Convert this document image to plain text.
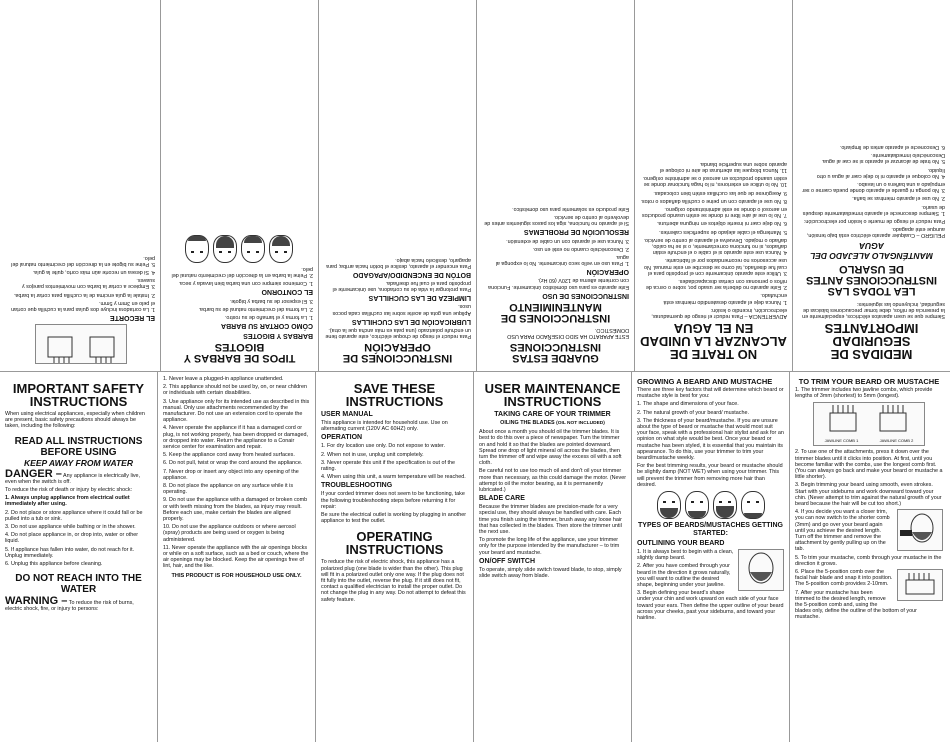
MEDIDAS DE SEGURIDAD IMPORTANTES

Siempre que se usen aparatos eléctricos, especialmente en la presencia de niños, debe tomar precauciones básicas de seguridad, incluyendo las siguientes:

LEA TODAS LAS INSTRUCCIONES ANTES DE USARLO
MANTÉNGALO ALEJADO DEL AGUA

PELIGRO – Cualquier aparato eléctrico está bajo tensión, aunque esté apagado.

Para reducir el riesgo de muerte o lesión por electrocución:

1. Siempre desconecte el aparato inmediatamente después de usarlo.

2. No use el aparato mientras se baña.

3. No ponga ni guarde el aparato donde pueda caerse o ser empujado a una bañera o un lavabo.

4. No coloque el aparato ni lo deje caer al agua u otro líquido.

5. No trate de alcanzar el aparato si se cae al agua. Desconéctelo inmediatamente.

6. Desconecte el aparato antes de limpiarlo.

NO TRATE DE ALCANZAR LA UNIDAD EN EL AGUA

ADVERTENCIA – Para reducir el riesgo de quemaduras, electrocución, incendio o lesión:

1. Nunca deje el aparato desatendido mientras está enchufado.

2. Este aparato no debería ser usado por, sobre o cerca de niños o personas con ciertas discapacidades.

3. Utilice este aparato únicamente con el propósito para el cual fue diseñado, tal como se describe en este manual. No use accesorios no recomendados por el fabricante.

4. Nunca use este aparato si el cable o el enchufe están dañados, si no funciona correctamente, o si se ha caído, dañado o mojado. Devuelva el aparato al centro de servicio.

5. Mantenga el cable alejado de superficies calientes.

6. No deje caer ni inserte objetos en ninguna abertura.

7. No lo use al aire libre ni donde se estén usando productos en aerosol o donde se esté administrando oxígeno.

8. No use el aparato con un peine o cuchilla dañados o rotos.

9. Asegúrese de que las cuchillas estén bien colocadas.

10. No lo utilice en exteriores, ni lo haga funcionar donde se estén usando productos en aerosol o se administre oxígeno.

11. Nunca bloquee las aberturas de aire ni coloque el aparato sobre una superficie blanda.

GUARDE ESTAS INSTRUCCIONES

ESTE APARATO HA SIDO DISEÑADO PARA USO DOMÉSTICO.

INSTRUCCIONES DE MANTENIMIENTO
INSTRUCCIONES DE USO

Este aparato es para uso doméstico únicamente. Funciona con corriente alterna de 120V (60 Hz).

OPERACIÓN

1. Para uso en vello seco únicamente. No lo exponga al agua.

2. Desconéctelo cuando no esté en uso.

3. Nunca use el aparato con un cable de extensión.

RESOLUCIÓN DE PROBLEMAS

Si el aparato no funciona, siga los pasos siguientes antes de devolverlo al centro de servicio.

Este producto es solamente para uso doméstico.

INSTRUCCIONES DE OPERACIÓN

Para reducir el riesgo de choque eléctrico, este aparato tiene un enchufe polarizado (una pata es más ancha que la otra).

LUBRICACIÓN DE LAS CUCHILLAS

Aplique una gota de aceite sobre las cuchillas cada pocos usos.

LIMPIEZA DE LAS CUCHILLAS

Para prolongar la vida de su cortadora, use únicamente el propósito para el cual fue diseñada.

BOTÓN DE ENCENDIDO/APAGADO

Para encender el aparato, deslice el botón hacia arriba; para apagarlo, deslícelo hacia abajo.

TIPOS DE BARBAS Y BIGOTES
BARBAS Y BIGOTES
CÓMO CORTAR SU BARBA

1. La forma y el tamaño de su rostro.

2. La forma del crecimiento natural de su barba.

3. El espesor de su barba y bigote.

EL CONTORNO

1. Comience siempre con una barba bien lavada y seca.

2. Peine la barba en la dirección del crecimiento natural del pelo.

EL RECORTE

1. La cortadora incluye dos guías para la cuchilla que cortan el pelo en 3mm y 5mm.

2. Instale la guía encima de la cuchilla para cortar la barba.

3. Empiece a cortar la barba con movimientos parejos y suaves.

4. Si desea un recorte aún más corto, quite la guía.

5. Peine su bigote en la dirección del crecimiento natural del pelo.

IMPORTANT SAFETY INSTRUCTIONS

When using electrical appliances, especially when children are present, basic safety precautions should always be taken, including the following:

READ ALL INSTRUCTIONS BEFORE USING
KEEP AWAY FROM WATER

DANGER – Any appliance is electrically live, even when the switch is off.

To reduce the risk of death or injury by electric shock:

1. Always unplug appliance from electrical outlet immediately after using.

2. Do not place or store appliance where it could fall or be pulled into a tub or sink.

3. Do not use appliance while bathing or in the shower.

4. Do not place appliance in, or drop into, water or other liquid.

5. If appliance has fallen into water, do not reach for it. Unplug immediately.

6. Unplug this appliance before cleaning.

DO NOT REACH INTO THE WATER

WARNING – To reduce the risk of burns, electric shock, fire, or injury to persons:

1. Never leave a plugged-in appliance unattended.

2. This appliance should not be used by, on, or near children or individuals with certain disabilities.

3. Use appliance only for its intended use as described in this manual. Only use attachments recommended by the manufacturer. Do not use an extension cord to operate the appliance.

4. Never operate the appliance if it has a damaged cord or plug, is not working properly, has been dropped or damaged, or dropped into water. Return the appliance to a Conair service center for examination and repair.

5. Keep the appliance cord away from heated surfaces.

6. Do not pull, twist or wrap the cord around the appliance.

7. Never drop or insert any object into any opening of the appliance.

8. Do not place the appliance on any surface while it is operating.

9. Do not use the appliance with a damaged or broken comb or with teeth missing from the blades, as injury may result. Before each use, make certain the blades are aligned properly.

10. Do not use the appliance outdoors or where aerosol (spray) products are being used or oxygen is being administered.

11. Never operate the appliance with the air openings blocks or while on a soft surface, such as a bed or couch, where the air openings may be blocked. Keep the air openings free of lint, hair, and the like.

THIS PRODUCT IS FOR HOUSEHOLD USE ONLY.
SAVE THESE INSTRUCTIONS
USER MANUAL

This appliance is intended for household use. Use on alternating current (120V AC 60HZ) only.

OPERATION

1. For dry location use only. Do not expose to water.

2. When not in use, unplug unit completely.

3. Never operate this unit if the specification is out of the rating.

4. When using this unit, a warm temperature will be reached.

TROUBLESHOOTING

If your corded trimmer does not seem to be functioning, take the following troubleshooting steps before returning it for repair:

Be sure the electrical outlet is working by plugging in another appliance to test the outlet.

OPERATING INSTRUCTIONS

To reduce the risk of electric shock, this appliance has a polarized plug (one blade is wider than the other). This plug will fit in a polarized outlet only one way. If the plug does not fit fully into the outlet, reverse the plug. If it still does not fit, contact a qualified electrician to install the proper outlet. Do not change the plug in any way. Do not attempt to defeat this safety feature.

USER MAINTENANCE INSTRUCTIONS
TAKING CARE OF YOUR TRIMMER

OILING THE BLADES (OIL NOT INCLUDED)

About once a month you should oil the trimmer blades. It is best to do this over a piece of newspaper. Turn the trimmer on and hold it so that the blades are pointed downward. Spread one drop of light mineral oil across the blades, then turn the trimmer off and wipe away the excess oil with a soft cloth.

Be careful not to use too much oil and don't oil your trimmer more than necessary, as this could damage the motor. (Never attempt to oil the motor bearing, as it is permanently lubricated.)

BLADE CARE

Because the trimmer blades are precision-made for a very special use, they should always be handled with care. Each time you finish using the trimmer, brush away any loose hair that has collected in the blades. Then store the trimmer until the next use.

To promote the long life of the appliance, use your trimmer only for the purpose intended by the manufacturer – to trim your beard and mustache.

ON/OFF SWITCH

To operate, simply slide switch toward blade, to stop, simply slide switch away from blade.

GROWING A BEARD AND MUSTACHE

There are three key factors that will determine which beard or mustache style is best for you:

1. The shape and dimensions of your face.

2. The natural growth of your beard/ mustache.

3. The thickness of your beard/mustache. If you are unsure about the type of beard or mustache that would most suit your face, speak with a professional hair stylist and ask for an opinion on what style would be best. Once your beard or mustache has been styled, it is essential that you maintain its appearance. To do this, use your trimmer to trim your beard/mustache weekly.

For the best trimming results, your beard or mustache should be slightly damp (NOT WET) when using your trimmer. This will prevent the trimmer from removing more hair than desired.

TYPES OF BEARDS/MUSTACHES GETTING STARTED:
OUTLINING YOUR BEARD

1. It is always best to begin with a clean, slightly damp beard.

2. After you have combed through your beard in the direction it grows naturally, you will want to outline the desired shape, beginning under your jawline.

3. Begin defining your beard's shape under your chin and work upward on each side of your face toward your ears. Then define the upper outline of your beard across your cheeks, past your sideburns, and toward your hairline.

TO TRIM YOUR BEARD OR MUSTACHE

1. The trimmer includes two jawline combs, which provide lengths of 3mm (shortest) to 5mm (longest).

JAWLINE COMB 1	JAWLINE COMB 2

2. To use one of the attachments, press it down over the trimmer blades until it clicks into position. At first, until you become familiar with the combs, use the longest comb first. (You can always go back and make your beard or mustache a little shorter).

3. Begin trimming your beard using smooth, even strokes. Start with your sideburns and work downward toward your chin. (Never attempt to trim against the natural growth of your beard because the hair will be cut too short.)

4. If you decide you want a closer trim, you can now switch to the shorter comb (3mm) and go over your beard again until you achieve the desired length. Turn off the trimmer and remove the attachment by gently pulling up on the tab.

5. To trim your mustache, comb through your mustache in the direction it grows.

6. Place the 5-position comb over the facial hair blade and snap it into position. The 5-position comb provides 2-10mm.

7. After your mustache has been trimmed to the desired length, remove the 5-position comb and, using the blades only, define the outline of the bottom of your mustache.
